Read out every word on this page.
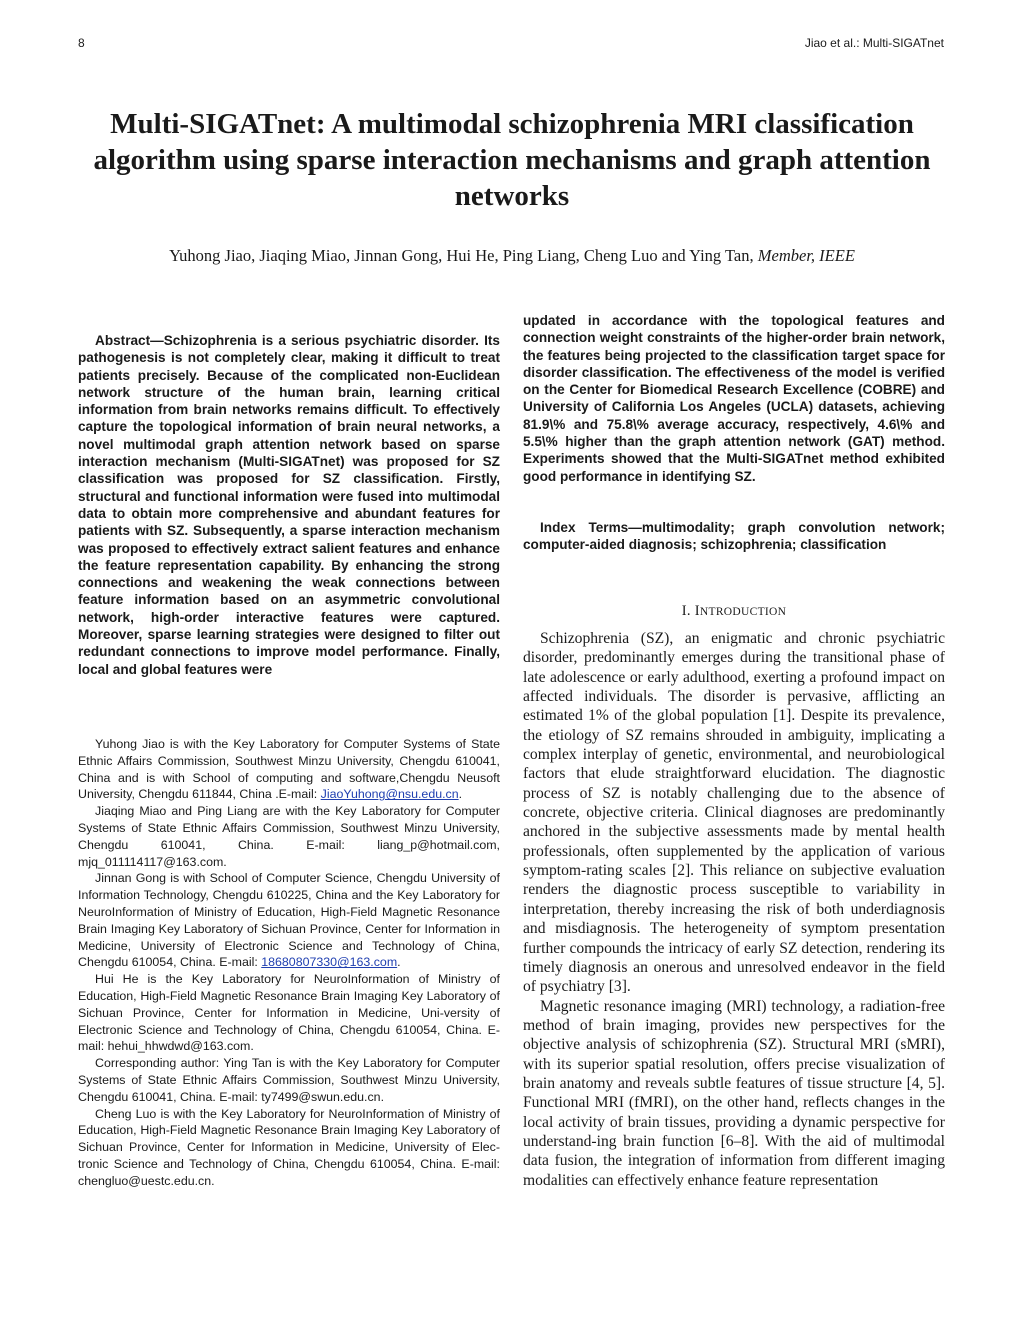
8	Jiao et al.: Multi-SIGATnet
Multi-SIGATnet: A multimodal schizophrenia MRI classification algorithm using sparse interaction mechanisms and graph attention networks
Yuhong Jiao, Jiaqing Miao, Jinnan Gong, Hui He, Ping Liang, Cheng Luo and Ying Tan, Member, IEEE

Abstract—Schizophrenia is a serious psychiatric disorder. Its pathogenesis is not completely clear, making it difficult to treat patients precisely. Because of the complicated non-Euclidean network structure of the human brain, learning critical information from brain networks remains difficult. To effectively capture the topological information of brain neural networks, a novel multimodal graph attention network based on sparse interaction mechanism (Multi-SIGATnet) was proposed for SZ classification was proposed for SZ classification. Firstly, structural and functional information were fused into multimodal data to obtain more comprehensive and abundant features for patients with SZ. Subsequently, a sparse interaction mechanism was proposed to effectively extract salient features and enhance the feature representation capability. By enhancing the strong connections and weakening the weak connections between feature information based on an asymmetric convolutional network, high-order interactive features were captured. Moreover, sparse learning strategies were designed to filter out redundant connections to improve model performance. Finally, local and global features were

updated in accordance with the topological features and connection weight constraints of the higher-order brain network, the features being projected to the classification target space for disorder classification. The effectiveness of the model is verified on the Center for Biomedical Research Excellence (COBRE) and University of California Los Angeles (UCLA) datasets, achieving 81.9\% and 75.8\% average accuracy, respectively, 4.6\% and 5.5\% higher than the graph attention network (GAT) method. Experiments showed that the Multi-SIGATnet method exhibited good performance in identifying SZ.

Index Terms—multimodality; graph convolution network; computer-aided diagnosis; schizophrenia; classification

Yuhong Jiao is with the Key Laboratory for Computer Systems of State Ethnic Affairs Commission, Southwest Minzu University, Chengdu 610041, China and is with School of computing and software,Chengdu Neusoft University, Chengdu 611844, China .E-mail: JiaoYuhong@nsu.edu.cn.

Jiaqing Miao and Ping Liang are with the Key Laboratory for Computer Systems of State Ethnic Affairs Commission, Southwest Minzu University, Chengdu 610041, China. E-mail: liang_p@hotmail.com, mjq_011114117@163.com.

Jinnan Gong is with School of Computer Science, Chengdu University of Information Technology, Chengdu 610225, China and the Key Laboratory for NeuroInformation of Ministry of Education, High-Field Magnetic Resonance Brain Imaging Key Laboratory of Sichuan Province, Center for Information in Medicine, University of Electronic Science and Technology of China, Chengdu 610054, China. E-mail: 18680807330@163.com.

Hui He is the Key Laboratory for NeuroInformation of Ministry of Education, High-Field Magnetic Resonance Brain Imaging Key Laboratory of Sichuan Province, Center for Information in Medicine, Uni-versity of Electronic Science and Technology of China, Chengdu 610054, China. E-mail: hehui_hhwdwd@163.com.

Corresponding author: Ying Tan is with the Key Laboratory for Computer Systems of State Ethnic Affairs Commission, Southwest Minzu University, Chengdu 610041, China. E-mail: ty7499@swun.edu.cn.

Cheng Luo is with the Key Laboratory for NeuroInformation of Ministry of Education, High-Field Magnetic Resonance Brain Imaging Key Laboratory of Sichuan Province, Center for Information in Medicine, University of Elec-tronic Science and Technology of China, Chengdu 610054, China. E-mail: chengluo@uestc.edu.cn.

I. INTRODUCTION

Schizophrenia (SZ), an enigmatic and chronic psychiatric disorder, predominantly emerges during the transitional phase of late adolescence or early adulthood, exerting a profound impact on affected individuals. The disorder is pervasive, afflicting an estimated 1% of the global population [1]. Despite its prevalence, the etiology of SZ remains shrouded in ambiguity, implicating a complex interplay of genetic, environmental, and neurobiological factors that elude straightforward elucidation. The diagnostic process of SZ is notably challenging due to the absence of concrete, objective criteria. Clinical diagnoses are predominantly anchored in the subjective assessments made by mental health professionals, often supplemented by the application of various symptom-rating scales [2]. This reliance on subjective evaluation renders the diagnostic process susceptible to variability in interpretation, thereby increasing the risk of both underdiagnosis and misdiagnosis. The heterogeneity of symptom presentation further compounds the intricacy of early SZ detection, rendering its timely diagnosis an onerous and unresolved endeavor in the field of psychiatry [3].

Magnetic resonance imaging (MRI) technology, a radiation-free method of brain imaging, provides new perspectives for the objective analysis of schizophrenia (SZ). Structural MRI (sMRI), with its superior spatial resolution, offers precise visualization of brain anatomy and reveals subtle features of tissue structure [4, 5]. Functional MRI (fMRI), on the other hand, reflects changes in the local activity of brain tissues, providing a dynamic perspective for understand-ing brain function [6–8]. With the aid of multimodal data fusion, the integration of information from different imaging modalities can effectively enhance feature representation
